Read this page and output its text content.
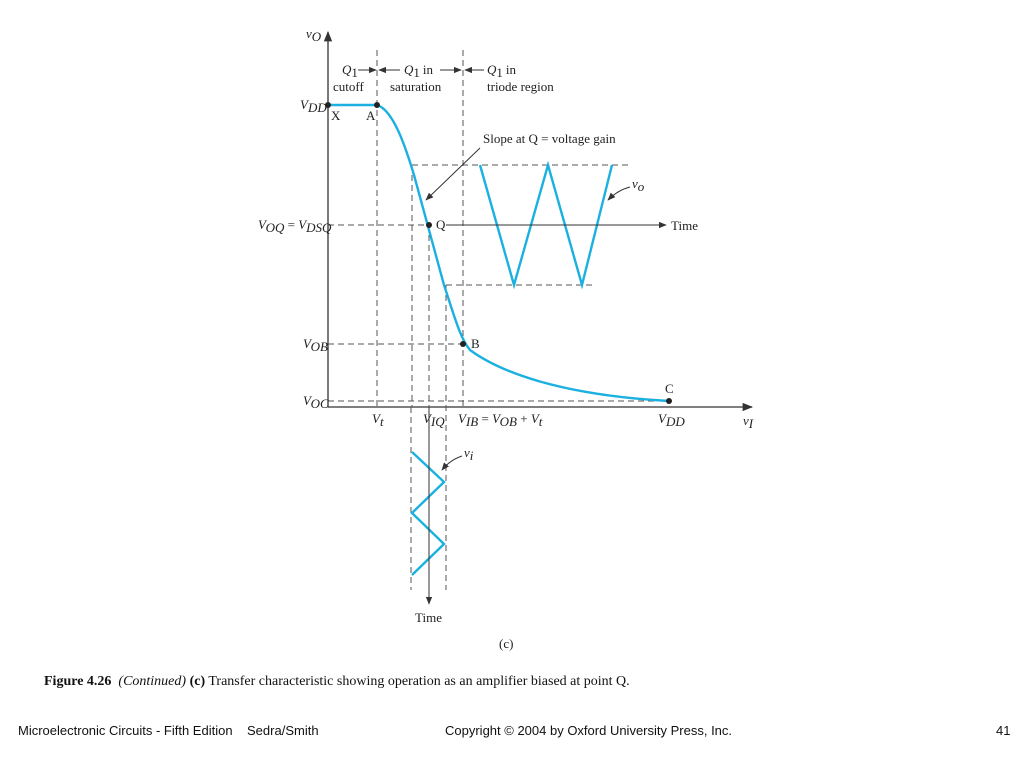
X A
Q
B
C
Time
Time
Slope at Q = voltage gain
vo
vi
vO
vI
Q1
cutoff
Q1 in
saturation
Q1 in
triode region
VDD
VOQ = VDSQ
VOB
VOC
Vt	VIQ VIB = VOB + Vt	VDD
(c)
Figure 4.26 (Continued) (c) Transfer characteristic showing operation as an amplifier biased at point Q.
Microelectronic Circuits - Fifth Edition Sedra/Smith	Copyright © 2004 by Oxford University Press, Inc.	41
